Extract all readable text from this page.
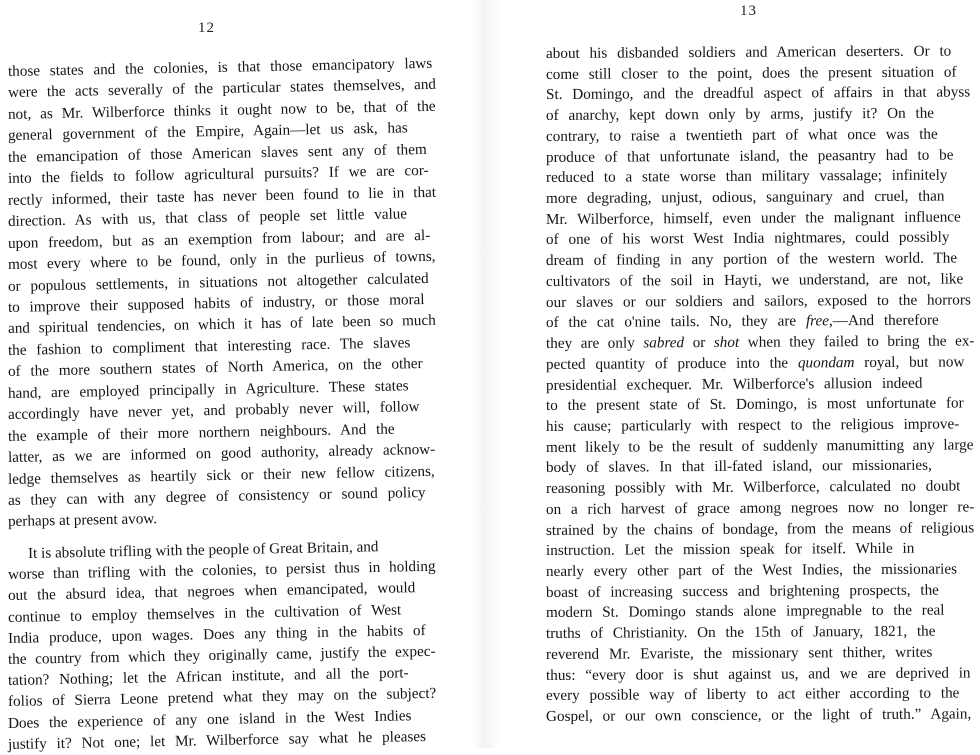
12
those states and the colonies, is that those emancipatory laws
were the acts severally of the particular states themselves, and
not, as Mr. Wilberforce thinks it ought now to be, that of the
general government of the Empire, Again—let us ask, has
the emancipation of those American slaves sent any of them
into the fields to follow agricultural pursuits? If we are cor-
rectly informed, their taste has never been found to lie in that
direction. As with us, that class of people set little value
upon freedom, but as an exemption from labour; and are al-
most every where to be found, only in the purlieus of towns,
or populous settlements, in situations not altogether calculated
to improve their supposed habits of industry, or those moral
and spiritual tendencies, on which it has of late been so much
the fashion to compliment that interesting race. The slaves
of the more southern states of North America, on the other
hand, are employed principally in Agriculture. These states
accordingly have never yet, and probably never will, follow
the example of their more northern neighbours. And the
latter, as we are informed on good authority, already acknow-
ledge themselves as heartily sick or their new fellow citizens,
as they can with any degree of consistency or sound policy
perhaps at present avow.
It is absolute trifling with the people of Great Britain, and
worse than trifling with the colonies, to persist thus in holding
out the absurd idea, that negroes when emancipated, would
continue to employ themselves in the cultivation of West
India produce, upon wages. Does any thing in the habits of
the country from which they originally came, justify the expec-
tation? Nothing; let the African institute, and all the port-
folios of Sierra Leone pretend what they may on the subject?
Does the experience of any one island in the West Indies
justify it? Not one; let Mr. Wilberforce say what he pleases
13
about his disbanded soldiers and American deserters. Or to
come still closer to the point, does the present situation of
St. Domingo, and the dreadful aspect of affairs in that abyss
of anarchy, kept down only by arms, justify it? On the
contrary, to raise a twentieth part of what once was the
produce of that unfortunate island, the peasantry had to be
reduced to a state worse than military vassalage; infinitely
more degrading, unjust, odious, sanguinary and cruel, than
Mr. Wilberforce, himself, even under the malignant influence
of one of his worst West India nightmares, could possibly
dream of finding in any portion of the western world. The
cultivators of the soil in Hayti, we understand, are not, like
our slaves or our soldiers and sailors, exposed to the horrors
of the cat o'nine tails. No, they are free,—And therefore
they are only sabred or shot when they failed to bring the ex-
pected quantity of produce into the quondam royal, but now
presidential exchequer. Mr. Wilberforce's allusion indeed
to the present state of St. Domingo, is most unfortunate for
his cause; particularly with respect to the religious improve-
ment likely to be the result of suddenly manumitting any large
body of slaves. In that ill-fated island, our missionaries,
reasoning possibly with Mr. Wilberforce, calculated no doubt
on a rich harvest of grace among negroes now no longer re-
strained by the chains of bondage, from the means of religious
instruction. Let the mission speak for itself. While in
nearly every other part of the West Indies, the missionaries
boast of increasing success and brightening prospects, the
modern St. Domingo stands alone impregnable to the real
truths of Christianity. On the 15th of January, 1821, the
reverend Mr. Evariste, the missionary sent thither, writes
thus: “every door is shut against us, and we are deprived in
every possible way of liberty to act either according to the
Gospel, or our own conscience, or the light of truth.” Again,
